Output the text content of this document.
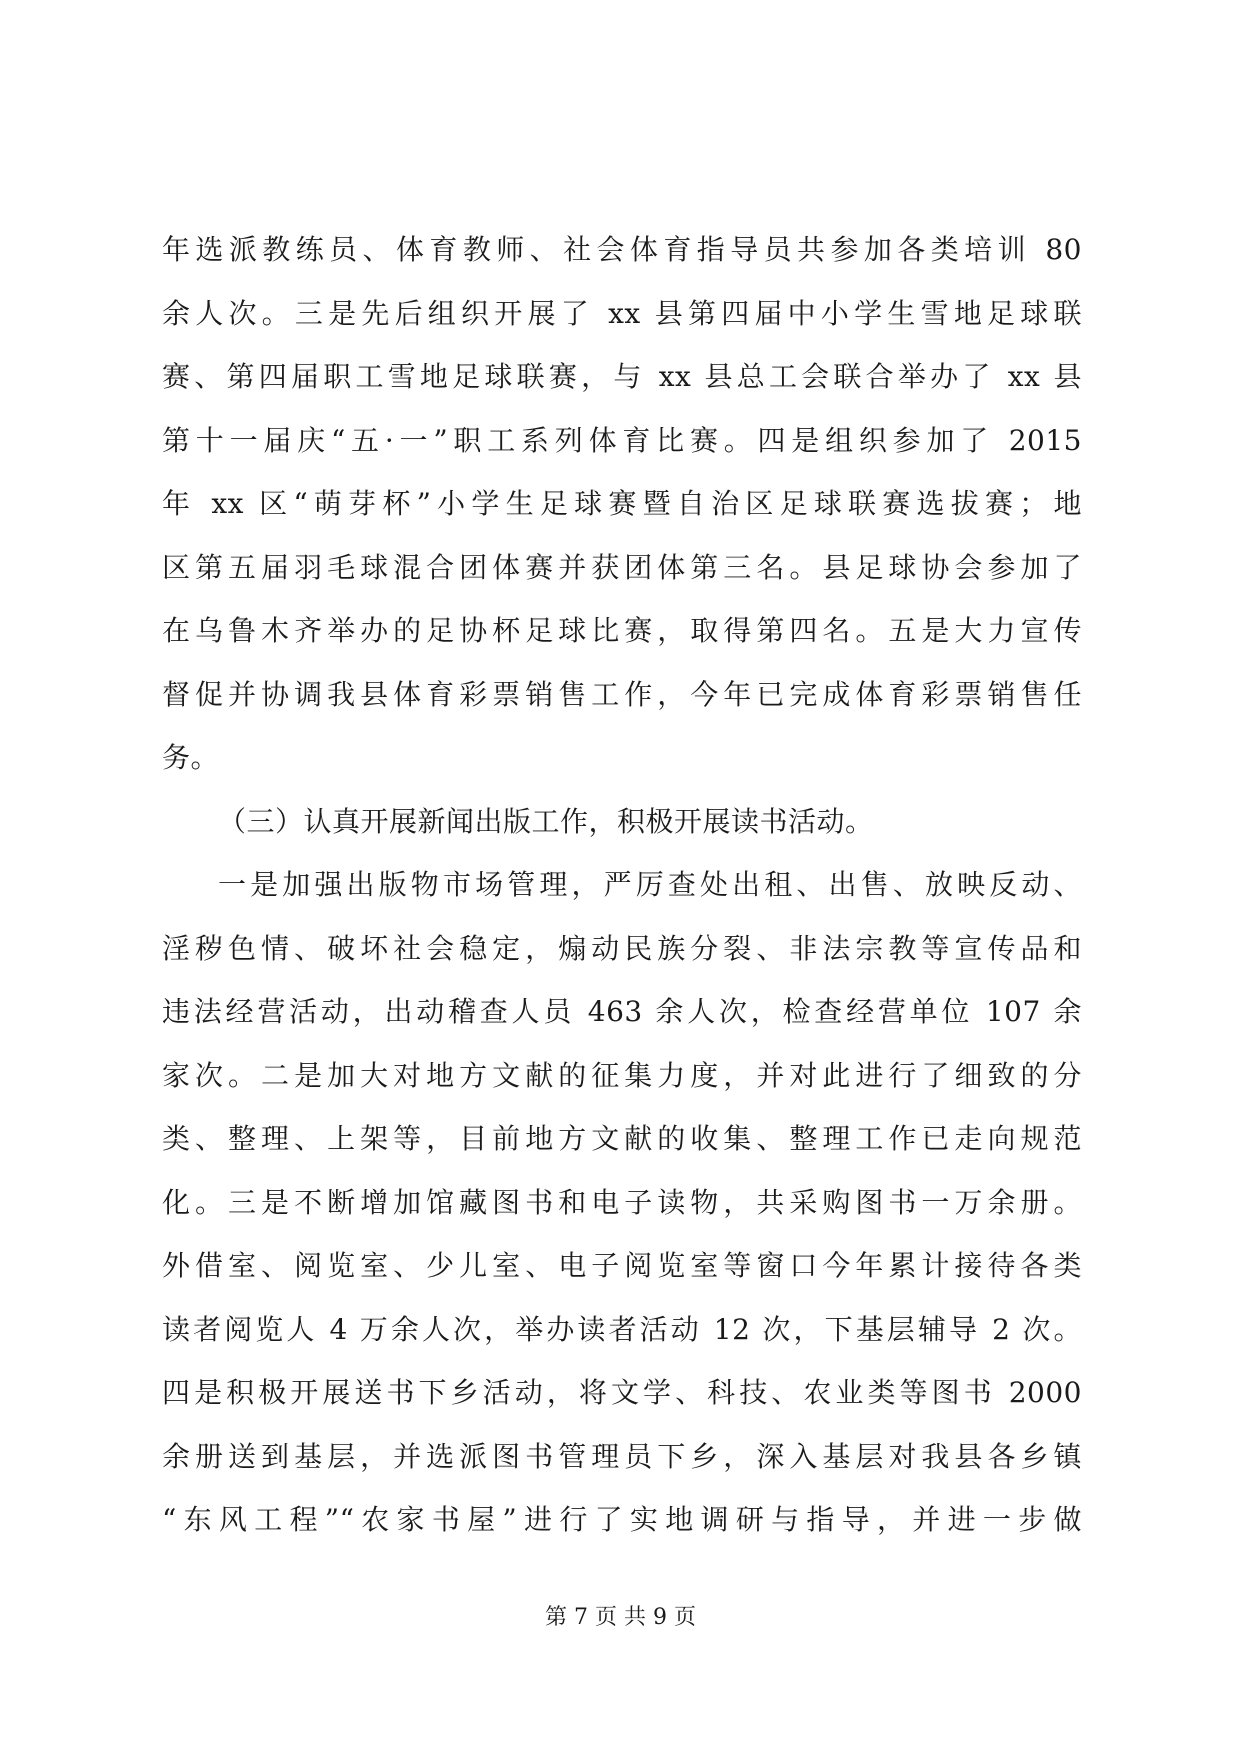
年选派教练员、体育教师、社会体育指导员共参加各类培训 80
余人次。三是先后组织开展了 xx 县第四届中小学生雪地足球联
赛、第四届职工雪地足球联赛，与 xx 县总工会联合举办了 xx 县
第十一届庆“五·一”职工系列体育比赛。四是组织参加了 2015
年 xx 区“萌芽杯”小学生足球赛暨自治区足球联赛选拔赛；地
区第五届羽毛球混合团体赛并获团体第三名。县足球协会参加了
在乌鲁木齐举办的足协杯足球比赛，取得第四名。五是大力宣传
督促并协调我县体育彩票销售工作，今年已完成体育彩票销售任
务。
（三）认真开展新闻出版工作，积极开展读书活动。
一是加强出版物市场管理，严厉查处出租、出售、放映反动、
淫秽色情、破坏社会稳定，煽动民族分裂、非法宗教等宣传品和
违法经营活动，出动稽查人员 463 余人次，检查经营单位 107 余
家次。二是加大对地方文献的征集力度，并对此进行了细致的分
类、整理、上架等，目前地方文献的收集、整理工作已走向规范
化。三是不断增加馆藏图书和电子读物，共采购图书一万余册。
外借室、阅览室、少儿室、电子阅览室等窗口今年累计接待各类
读者阅览人 4 万余人次，举办读者活动 12 次，下基层辅导 2 次。
四是积极开展送书下乡活动，将文学、科技、农业类等图书 2000
余册送到基层，并选派图书管理员下乡，深入基层对我县各乡镇
“东风工程”“农家书屋”进行了实地调研与指导，并进一步做
第 7 页 共 9 页
